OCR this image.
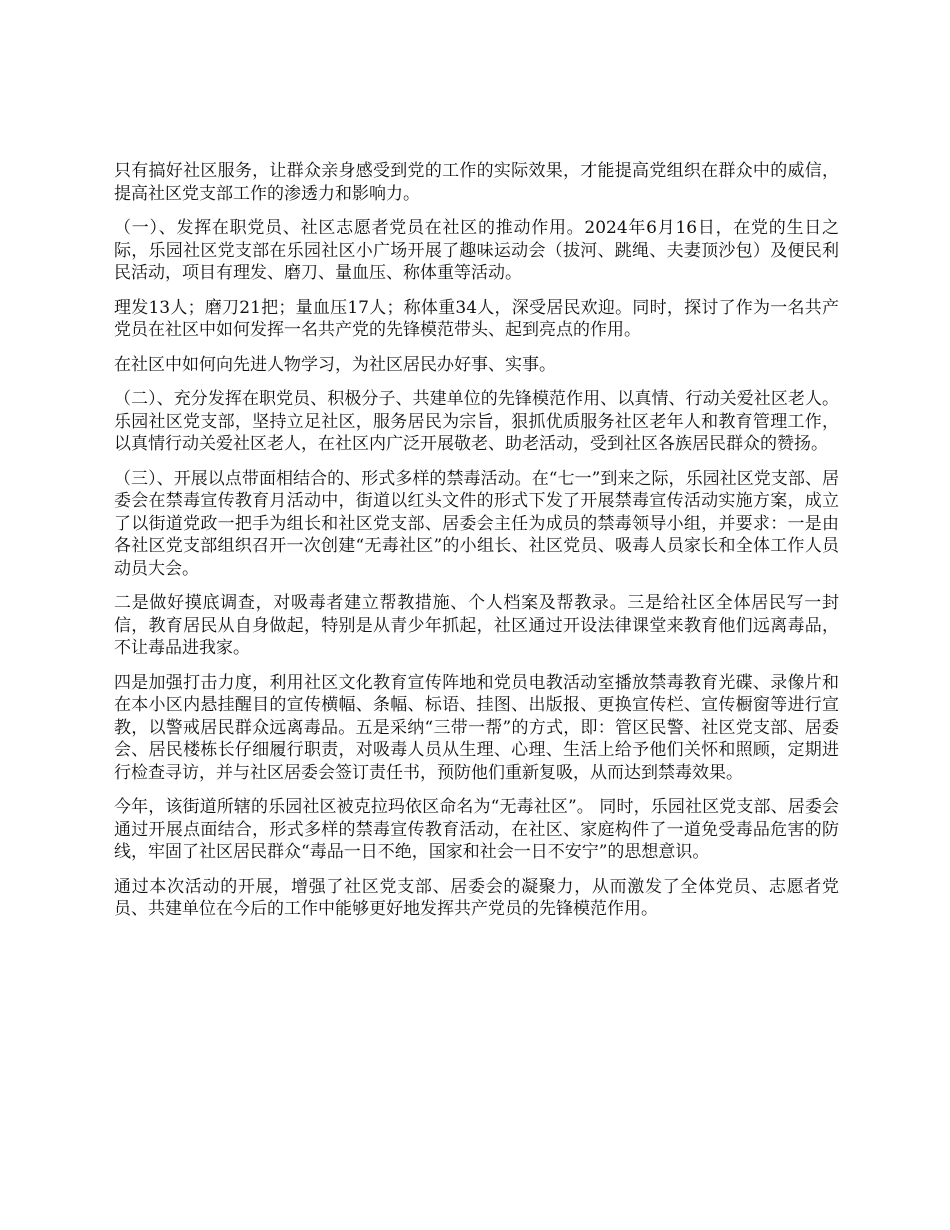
只有搞好社区服务，让群众亲身感受到党的工作的实际效果，才能提高党组织在群众中的威信，提高社区党支部工作的渗透力和影响力。

（一）、发挥在职党员、社区志愿者党员在社区的推动作用。2024年6月16日，在党的生日之际，乐园社区党支部在乐园社区小广场开展了趣味运动会（拔河、跳绳、夫妻顶沙包）及便民利民活动，项目有理发、磨刀、量血压、称体重等活动。

理发13人；磨刀21把；量血压17人；称体重34人，深受居民欢迎。同时，探讨了作为一名共产党员在社区中如何发挥一名共产党的先锋模范带头、起到亮点的作用。

在社区中如何向先进人物学习，为社区居民办好事、实事。

（二）、充分发挥在职党员、积极分子、共建单位的先锋模范作用、以真情、行动关爱社区老人。乐园社区党支部，坚持立足社区，服务居民为宗旨，狠抓优质服务社区老年人和教育管理工作，以真情行动关爱社区老人，在社区内广泛开展敬老、助老活动，受到社区各族居民群众的赞扬。

（三）、开展以点带面相结合的、形式多样的禁毒活动。在“七一”到来之际，乐园社区党支部、居委会在禁毒宣传教育月活动中，街道以红头文件的形式下发了开展禁毒宣传活动实施方案，成立了以街道党政一把手为组长和社区党支部、居委会主任为成员的禁毒领导小组，并要求：一是由各社区党支部组织召开一次创建“无毒社区”的小组长、社区党员、吸毒人员家长和全体工作人员动员大会。

二是做好摸底调查，对吸毒者建立帮教措施、个人档案及帮教录。三是给社区全体居民写一封信，教育居民从自身做起，特别是从青少年抓起，社区通过开设法律课堂来教育他们远离毒品，不让毒品进我家。

四是加强打击力度，利用社区文化教育宣传阵地和党员电教活动室播放禁毒教育光碟、录像片和在本小区内悬挂醒目的宣传横幅、条幅、标语、挂图、出版报、更换宣传栏、宣传橱窗等进行宣教，以警戒居民群众远离毒品。五是采纳“三带一帮”的方式，即：管区民警、社区党支部、居委会、居民楼栋长仔细履行职责，对吸毒人员从生理、心理、生活上给予他们关怀和照顾，定期进行检查寻访，并与社区居委会签订责任书，预防他们重新复吸，从而达到禁毒效果。

今年，该街道所辖的乐园社区被克拉玛依区命名为“无毒社区”。 同时，乐园社区党支部、居委会通过开展点面结合，形式多样的禁毒宣传教育活动，在社区、家庭构件了一道免受毒品危害的防线，牢固了社区居民群众“毒品一日不绝，国家和社会一日不安宁”的思想意识。

通过本次活动的开展，增强了社区党支部、居委会的凝聚力，从而激发了全体党员、志愿者党员、共建单位在今后的工作中能够更好地发挥共产党员的先锋模范作用。
